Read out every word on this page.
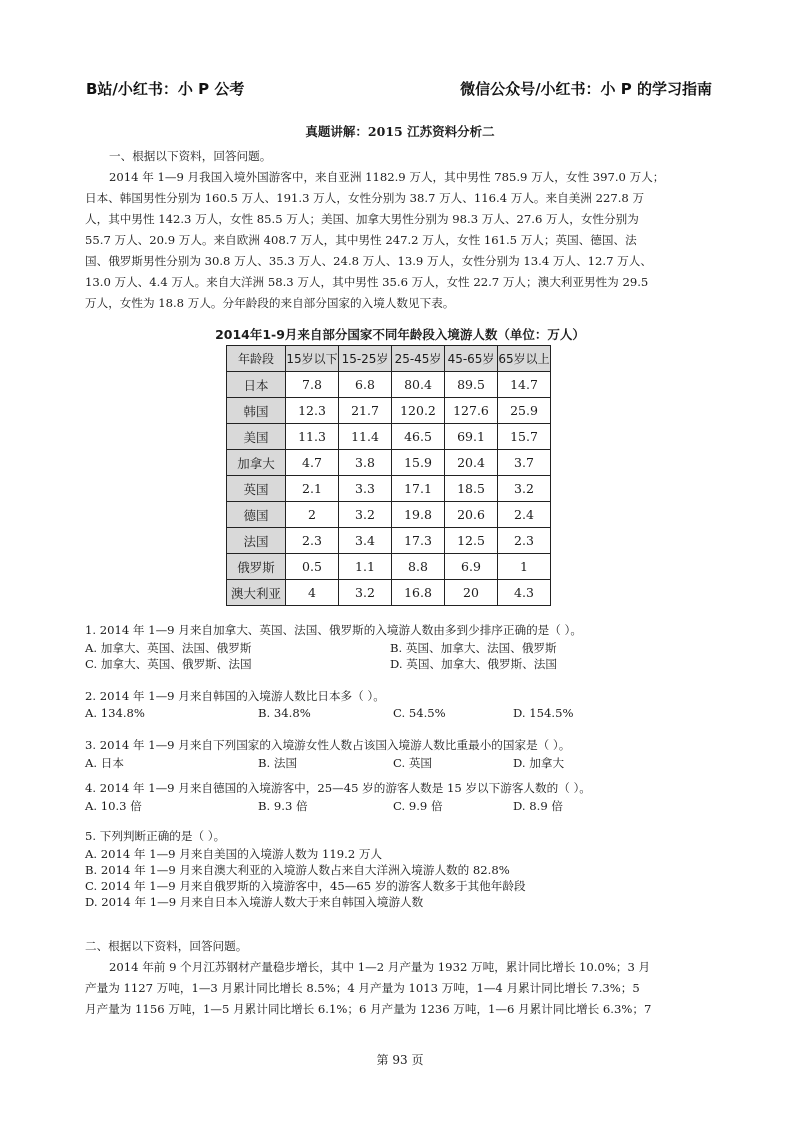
B站/小红书：小 P 公考	微信公众号/小红书：小 P 的学习指南
真题讲解：2015 江苏资料分析二
一、根据以下资料，回答问题。
2014 年 1—9 月我国入境外国游客中，来自亚洲 1182.9 万人，其中男性 785.9 万人，女性 397.0 万人；
日本、韩国男性分别为 160.5 万人、191.3 万人，女性分别为 38.7 万人、116.4 万人。来自美洲 227.8 万
人，其中男性 142.3 万人，女性 85.5 万人；美国、加拿大男性分别为 98.3 万人、27.6 万人，女性分别为
55.7 万人、20.9 万人。来自欧洲 408.7 万人，其中男性 247.2 万人，女性 161.5 万人；英国、德国、法
国、俄罗斯男性分别为 30.8 万人、35.3 万人、24.8 万人、13.9 万人，女性分别为 13.4 万人、12.7 万人、
13.0 万人、4.4 万人。来自大洋洲 58.3 万人，其中男性 35.6 万人，女性 22.7 万人；澳大利亚男性为 29.5
万人，女性为 18.8 万人。分年龄段的来自部分国家的入境人数见下表。
2014年1-9月来自部分国家不同年龄段入境游人数（单位：万人）
年龄段	15岁以下	15-25岁	25-45岁	45-65岁	65岁以上
日本	7.8	6.8	80.4	89.5	14.7
韩国	12.3	21.7	120.2	127.6	25.9
美国	11.3	11.4	46.5	69.1	15.7
加拿大	4.7	3.8	15.9	20.4	3.7
英国	2.1	3.3	17.1	18.5	3.2
德国	2	3.2	19.8	20.6	2.4
法国	2.3	3.4	17.3	12.5	2.3
俄罗斯	0.5	1.1	8.8	6.9	1
澳大利亚	4	3.2	16.8	20	4.3
1. 2014 年 1—9 月来自加拿大、英国、法国、俄罗斯的入境游人数由多到少排序正确的是（ ）。
A. 加拿大、英国、法国、俄罗斯	B. 英国、加拿大、法国、俄罗斯
C. 加拿大、英国、俄罗斯、法国	D. 英国、加拿大、俄罗斯、法国
2. 2014 年 1—9 月来自韩国的入境游人数比日本多（ ）。
A. 134.8%	B. 34.8%	C. 54.5%	D. 154.5%
3. 2014 年 1—9 月来自下列国家的入境游女性人数占该国入境游人数比重最小的国家是（ ）。
A. 日本	B. 法国	C. 英国	D. 加拿大
4. 2014 年 1—9 月来自德国的入境游客中，25—45 岁的游客人数是 15 岁以下游客人数的（ ）。
A. 10.3 倍	B. 9.3 倍	C. 9.9 倍	D. 8.9 倍
5. 下列判断正确的是（ ）。
A. 2014 年 1—9 月来自美国的入境游人数为 119.2 万人
B. 2014 年 1—9 月来自澳大利亚的入境游人数占来自大洋洲入境游人数的 82.8%
C. 2014 年 1—9 月来自俄罗斯的入境游客中，45—65 岁的游客人数多于其他年龄段
D. 2014 年 1—9 月来自日本入境游人数大于来自韩国入境游人数
二、根据以下资料，回答问题。
2014 年前 9 个月江苏钢材产量稳步增长，其中 1—2 月产量为 1932 万吨，累计同比增长 10.0%；3 月
产量为 1127 万吨，1—3 月累计同比增长 8.5%；4 月产量为 1013 万吨，1—4 月累计同比增长 7.3%；5
月产量为 1156 万吨，1—5 月累计同比增长 6.1%；6 月产量为 1236 万吨，1—6 月累计同比增长 6.3%；7
第 93 页
